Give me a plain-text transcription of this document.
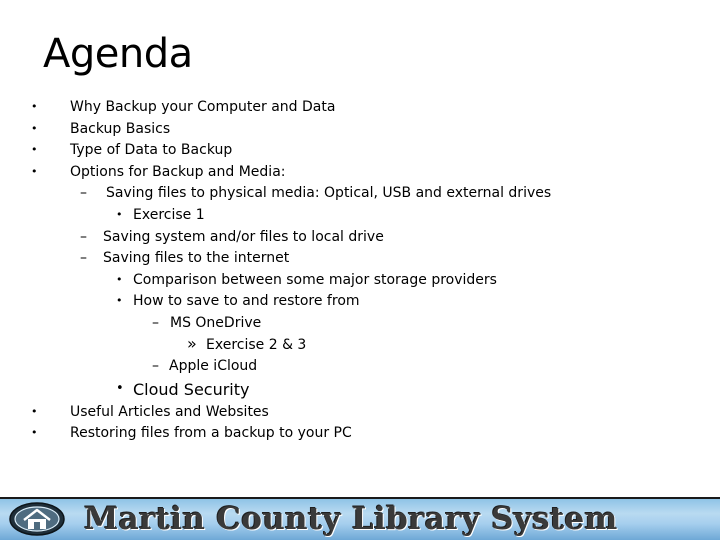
Agenda
• Why Backup your Computer and Data
• Backup Basics
• Type of Data to Backup
• Options for Backup and Media:
– Saving files to physical media: Optical, USB and external drives
• Exercise 1
– Saving system and/or files to local drive
– Saving files to the internet
• Comparison between some major storage providers
• How to save to and restore from
– MS OneDrive
» Exercise 2 & 3
– Apple iCloud
• Cloud Security
• Useful Articles and Websites
• Restoring files from a backup to your PC
Martin County Library System
